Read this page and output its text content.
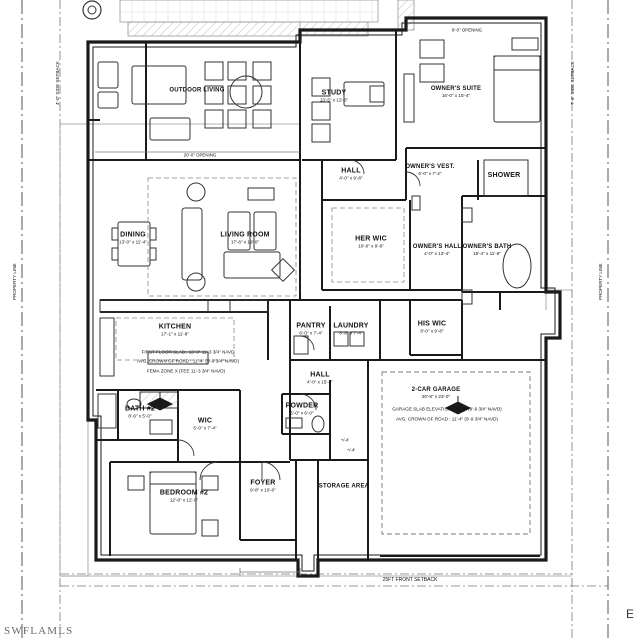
OUTDOOR LIVING	STUDY
13'-5" x 12'-0"
OWNER'S SUITE
16'-0" x 15'-4"
HALL
4'-0" x 9'-8"
OWNER'S VEST.
6'-0" x 7'-2"	SHOWER
DINING
13'-0" x 11'-4"
LIVING ROOM
17'-6" x 19'-0"	HER WIC
10'-0" x 9'-8"	OWNER'S HALL
4'-0" x 13'-4"
OWNER'S BATH
15'-4" x 11'-6"
KITCHEN
17'-1" x 11'-8"
PANTRY
6'-0" x 7'-4"
LAUNDRY
8'-8" x 7'-4"
HIS WIC
8'-0" x 9'-8"
HALL
4'-0" x 15'-4"
POWDER
5'-0" x 6'-0"
2-CAR GARAGE
20'-8" x 23'-0"
BATH #2
8'-6" x 5'-0"
WIC
5'-0" x 7'-4"
STORAGE AREA
BEDROOM #2
12'-8" x 12'-0"
FOYER
9'-8" x 10'-0"
FIRST FLOOR SLAB : 13'-0" 11'-3 3/4" NAVD
AVG. CROWN OF ROAD : 11'-4" (9'-9 3/4" NAVD)
FEMA ZONE X (FEE 11'-3 3/4" NAVD)
GARAGE SLAB ELEVATION : 13'-0" (9'-9 3/4" NAVD)
AVG. CROWN OF ROAD : 11'-4" (9'-9 3/4" NAVD)
20'-0" OPENING
8'-0" OPENING
+/-4'
+/-4'
25FT FRONT SETBACK
PROPERTY LINE	PROPERTY LINE
7'-6" SIDE SETBACK
4'-0" SIDE SETBACK
SWFLAMLS
E
